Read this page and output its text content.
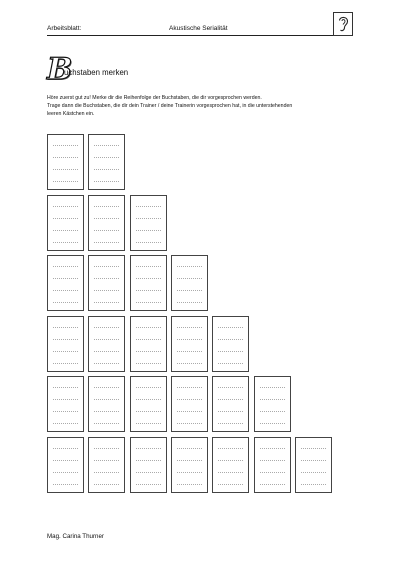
Arbeitsblatt:	Akustische Serialität
B
uchstaben merken
Höre zuerst gut zu! Merke dir die Reihenfolge der Buchstaben, die dir vorgesprochen werden.
Trage dann die Buchstaben, die dir dein Trainer / deine Trainerin vorgesprochen hat, in die unterstehenden
leeren Kästchen ein.
Mag. Carina Thurner
